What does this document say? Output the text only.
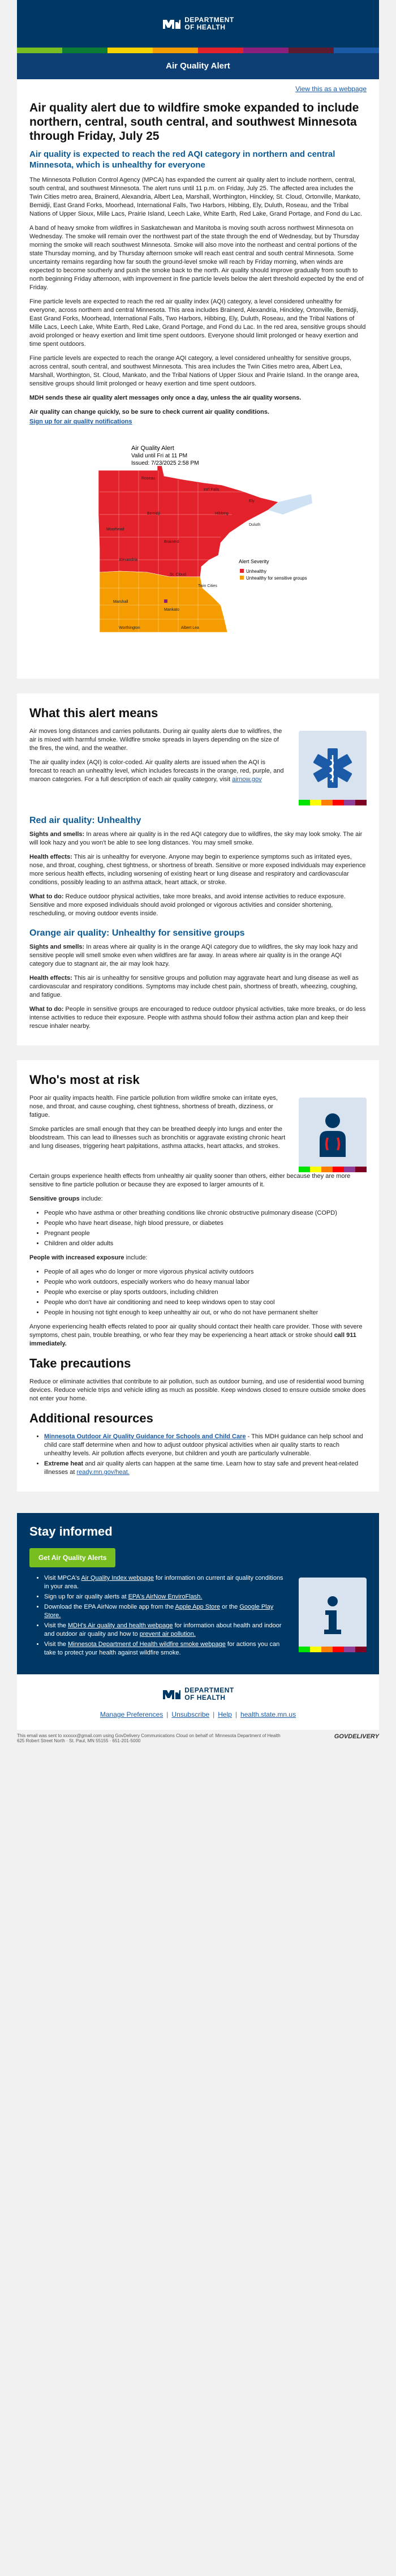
DEPARTMENT
OF HEALTH
Air Quality Alert
View this as a webpage
Air quality alert due to wildfire smoke expanded to include northern, central, south central, and southwest Minnesota through Friday, July 25
Air quality is expected to reach the red AQI category in northern and central Minnesota, which is unhealthy for everyone

The Minnesota Pollution Control Agency (MPCA) has expanded the current air quality alert to include northern, central, south central, and southwest Minnesota. The alert runs until 11 p.m. on Friday, July 25. The affected area includes the Twin Cities metro area, Brainerd, Alexandria, Albert Lea, Marshall, Worthington, Hinckley, St. Cloud, Ortonville, Mankato, Bemidji, East Grand Forks, Moorhead, International Falls, Two Harbors, Hibbing, Ely, Duluth, Roseau, and the Tribal Nations of Upper Sioux, Mille Lacs, Prairie Island, Leech Lake, White Earth, Red Lake, Grand Portage, and Fond du Lac.

A band of heavy smoke from wildfires in Saskatchewan and Manitoba is moving south across northwest Minnesota on Wednesday. The smoke will remain over the northwest part of the state through the end of Wednesday, but by Thursday morning the smoke will reach southwest Minnesota. Smoke will also move into the northeast and central portions of the state Thursday morning, and by Thursday afternoon smoke will reach east central and south central Minnesota. Some uncertainty remains regarding how far south the ground-level smoke will reach by Friday morning, when winds are expected to become southerly and push the smoke back to the north. Air quality should improve gradually from south to north beginning Friday afternoon, with improvement in fine particle levels below the alert threshold expected by the end of Friday.

Fine particle levels are expected to reach the red air quality index (AQI) category, a level considered unhealthy for everyone, across northern and central Minnesota. This area includes Brainerd, Alexandria, Hinckley, Ortonville, Bemidji, East Grand Forks, Moorhead, International Falls, Two Harbors, Hibbing, Ely, Duluth, Roseau, and the Tribal Nations of Mille Lacs, Leech Lake, White Earth, Red Lake, Grand Portage, and Fond du Lac. In the red area, sensitive groups should avoid prolonged or heavy exertion and limit time spent outdoors. Everyone should limit prolonged or heavy exertion and time spent outdoors.

Fine particle levels are expected to reach the orange AQI category, a level considered unhealthy for sensitive groups, across central, south central, and southwest Minnesota. This area includes the Twin Cities metro area, Albert Lea, Marshall, Worthington, St. Cloud, Mankato, and the Tribal Nations of Upper Sioux and Prairie Island. In the orange area, sensitive groups should limit prolonged or heavy exertion and time spent outdoors.

MDH sends these air quality alert messages only once a day, unless the air quality worsens.

Air quality can change quickly, so be sure to check current air quality conditions.

Sign up for air quality notifications

Air Quality Alert
Valid until Fri at 11 PM
Issued: 7/23/2025 2:58 PM
Alert Severity
Unhealthy
Unhealthy for sensitive groups
Roseau
Int'l Falls
Ely
Bemidji	Hibbing
Duluth
Moorhead
Brainerd
Alexandria
St. Cloud
Twin Cities
Marshall
Mankato
Worthington	Albert Lea
What this alert means

Air moves long distances and carries pollutants. During air quality alerts due to wildfires, the air is mixed with harmful smoke. Wildfire smoke spreads in layers depending on the size of the fires, the wind, and the weather.

The air quality index (AQI) is color-coded. Air quality alerts are issued when the AQI is forecast to reach an unhealthy level, which includes forecasts in the orange, red, purple, and maroon categories. For a full description of each air quality category, visit airnow.gov

Red air quality: Unhealthy

Sights and smells: In areas where air quality is in the red AQI category due to wildfires, the sky may look smoky. The air will look hazy and you won't be able to see long distances. You may smell smoke.

Health effects: This air is unhealthy for everyone. Anyone may begin to experience symptoms such as irritated eyes, nose, and throat, coughing, chest tightness, or shortness of breath. Sensitive or more exposed individuals may experience more serious health effects, including worsening of existing heart or lung disease and respiratory and cardiovascular conditions, possibly leading to an asthma attack, heart attack, or stroke.

What to do: Reduce outdoor physical activities, take more breaks, and avoid intense activities to reduce exposure. Sensitive and more exposed individuals should avoid prolonged or vigorous activities and consider shortening, rescheduling, or moving outdoor events inside.

Orange air quality: Unhealthy for sensitive groups

Sights and smells: In areas where air quality is in the orange AQI category due to wildfires, the sky may look hazy and sensitive people will smell smoke even when wildfires are far away. In areas where air quality is in the orange AQI category due to stagnant air, the air may look hazy.

Health effects: This air is unhealthy for sensitive groups and pollution may aggravate heart and lung disease as well as cardiovascular and respiratory conditions. Symptoms may include chest pain, shortness of breath, wheezing, coughing, and fatigue.

What to do: People in sensitive groups are encouraged to reduce outdoor physical activities, take more breaks, or do less intense activities to reduce their exposure. People with asthma should follow their asthma action plan and keep their rescue inhaler nearby.

Who's most at risk

Poor air quality impacts health. Fine particle pollution from wildfire smoke can irritate eyes, nose, and throat, and cause coughing, chest tightness, shortness of breath, dizziness, or fatigue.

Smoke particles are small enough that they can be breathed deeply into lungs and enter the bloodstream. This can lead to illnesses such as bronchitis or aggravate existing chronic heart and lung diseases, triggering heart palpitations, asthma attacks, heart attacks, and strokes.

Certain groups experience health effects from unhealthy air quality sooner than others, either because they are more sensitive to fine particle pollution or because they are exposed to larger amounts of it.

Sensitive groups include:

• People who have asthma or other breathing conditions like chronic obstructive pulmonary disease (COPD)
• People who have heart disease, high blood pressure, or diabetes
• Pregnant people
• Children and older adults

People with increased exposure include:

• People of all ages who do longer or more vigorous physical activity outdoors
• People who work outdoors, especially workers who do heavy manual labor
• People who exercise or play sports outdoors, including children
• People who don't have air conditioning and need to keep windows open to stay cool
• People in housing not tight enough to keep unhealthy air out, or who do not have permanent shelter

Anyone experiencing health effects related to poor air quality should contact their health care provider. Those with severe symptoms, chest pain, trouble breathing, or who fear they may be experiencing a heart attack or stroke should call 911 immediately.

Take precautions

Reduce or eliminate activities that contribute to air pollution, such as outdoor burning, and use of residential wood burning devices. Reduce vehicle trips and vehicle idling as much as possible. Keep windows closed to ensure outside smoke does not enter your home.

Additional resources
• Minnesota Outdoor Air Quality Guidance for Schools and Child Care - This MDH guidance can help school and child care staff determine when and how to adjust outdoor physical activities when air quality starts to reach unhealthy levels. Air pollution affects everyone, but children and youth are particularly vulnerable.
• Extreme heat and air quality alerts can happen at the same time. Learn how to stay safe and prevent heat-related illnesses at ready.mn.gov/heat.
Stay informed
Get Air Quality Alerts
• Visit MPCA's Air Quality Index webpage for information on current air quality conditions in your area.
• Sign up for air quality alerts at EPA's AirNow EnviroFlash.
• Download the EPA AirNow mobile app from the Apple App Store or the Google Play Store.
• Visit the MDH's Air quality and health webpage for information about health and indoor and outdoor air quality and how to prevent air pollution.
• Visit the Minnesota Department of Health wildfire smoke webpage for actions you can take to protect your health against wildfire smoke.
DEPARTMENT
OF HEALTH
Manage Preferences | Unsubscribe | Help | health.state.mn.us
This email was sent to xxxxxx@gmail.com using GovDelivery Communications Cloud on behalf of: Minnesota Department of Health
625 Robert Street North · St. Paul, MN 55155 · 651-201-5000
GOVDELIVERY
